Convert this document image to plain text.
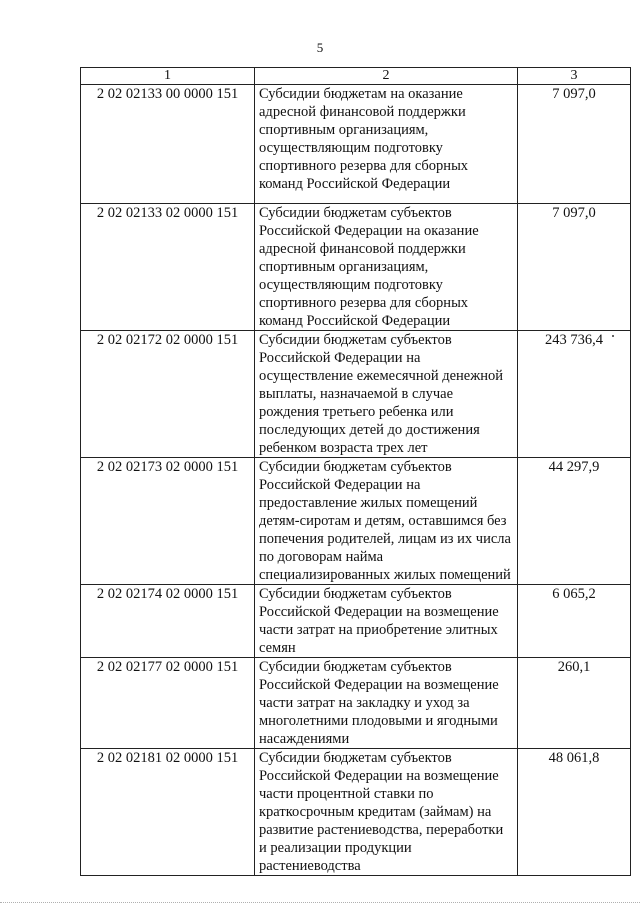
5
1	2	3
2 02 02133 00 0000 151	Субсидии бюджетам на оказание адресной финансовой поддержки спортивным организациям, осуществляющим подготовку спортивного резерва для сборных команд Российской Федерации	7 097,0
2 02 02133 02 0000 151	Субсидии бюджетам субъектов Российской Федерации на оказание адресной финансовой поддержки спортивным организациям, осуществляющим подготовку спортивного резерва для сборных команд Российской Федерации	7 097,0
2 02 02172 02 0000 151	Субсидии бюджетам субъектов Российской Федерации на осуществление ежемесячной денежной выплаты, назначаемой в случае рождения третьего ребенка или последующих детей до достижения ребенком возраста трех лет	243 736,4
2 02 02173 02 0000 151	Субсидии бюджетам субъектов Российской Федерации на предоставление жилых помещений детям-сиротам и детям, оставшимся без попечения родителей, лицам из их числа по договорам найма специализированных жилых помещений	44 297,9
2 02 02174 02 0000 151	Субсидии бюджетам субъектов Российской Федерации на возмещение части затрат на приобретение элитных семян	6 065,2
2 02 02177 02 0000 151	Субсидии бюджетам субъектов Российской Федерации на возмещение части затрат на закладку и уход за многолетними плодовыми и ягодными насаждениями	260,1
2 02 02181 02 0000 151	Субсидии бюджетам субъектов Российской Федерации на возмещение части процентной ставки по краткосрочным кредитам (займам) на развитие растениеводства, переработки и реализации продукции растениеводства	48 061,8
